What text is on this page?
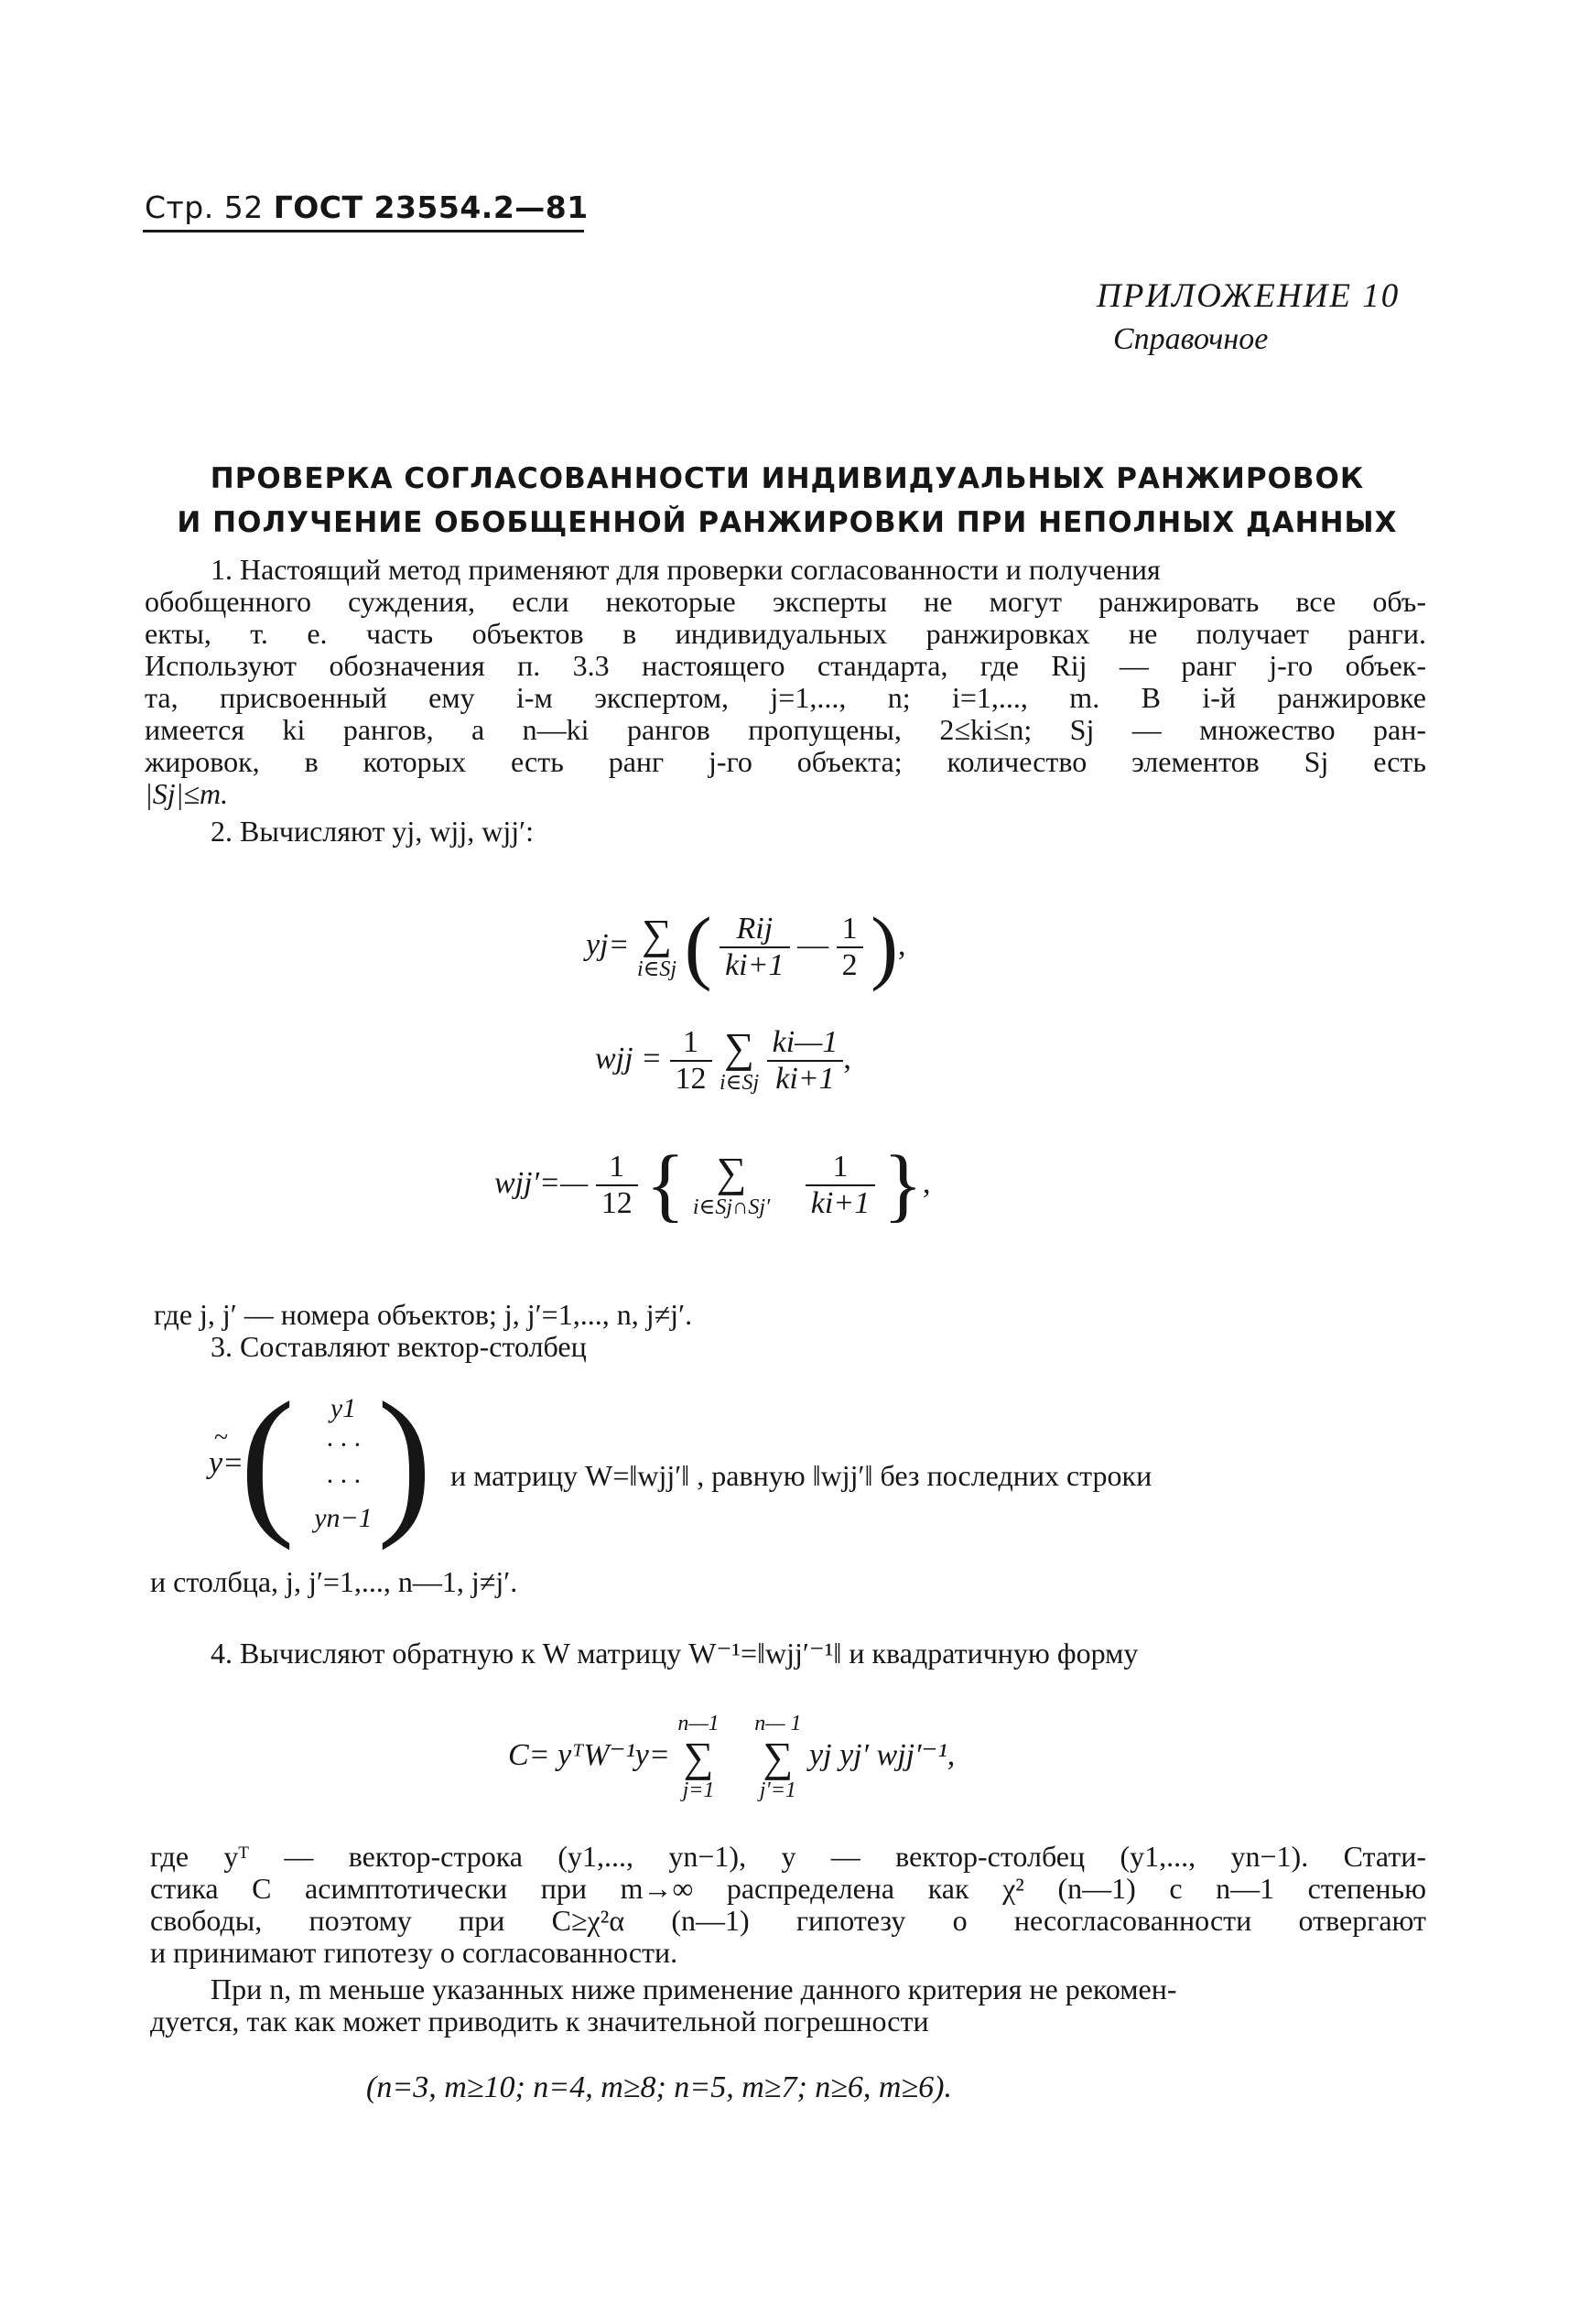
Стр. 52 ГОСТ 23554.2—81
ПРИЛОЖЕНИЕ 10
Справочное
ПРОВЕРКА СОГЛАСОВАННОСТИ ИНДИВИДУАЛЬНЫХ РАНЖИРОВОК
И ПОЛУЧЕНИЕ ОБОБЩЕННОЙ РАНЖИРОВКИ ПРИ НЕПОЛНЫХ ДАННЫХ
1. Настоящий метод применяют для проверки согласованности и получения
обобщенного суждения, если некоторые эксперты не могут ранжировать все объ-
екты, т. е. часть объектов в индивидуальных ранжировках не получает ранги.
Используют обозначения п. 3.3 настоящего стандарта, где Rij — ранг j-го объек-
та, присвоенный ему i-м экспертом, j=1,..., n; i=1,..., m. В i-й ранжировке
имеется ki рангов, а n—ki рангов пропущены, 2≤ki≤n; Sj — множество ран-
жировок, в которых есть ранг j-го объекта; количество элементов Sj есть
|Sj|≤m.
2. Вычисляют yj, wjj, wjj′:
yj= ∑
i∈Sj ( $\frac{\text{Rij}}{ki+1}$ — $\frac{1}{2}$ ),
wjj = $\frac{1}{12}$
∑
i∈Sj
$\frac{ki—1}{ki+1}$ ,
wjj′=— $\frac{1}{12}$ { ∑
i∈Sj∩Sj′
$\frac{1}{ki+1}$ },
где j, j′ — номера объектов; j, j′=1,..., n, j≠j′.
3. Составляют вектор-столбец
y=
~ ( )
y1
· · ·
· · ·
yn−1
и матрицу W=‖wjj′‖ , равную ‖wjj′‖ без последних строки
и столбца, j, j′=1,..., n—1, j≠j′.
4. Вычисляют обратную к W матрицу W⁻¹=‖wjj′⁻¹‖ и квадратичную форму
C= yᵀW⁻¹y=
n—1
∑
j=1

n— 1
∑
j′=1
yj yj′ wjj′⁻¹,
где yᵀ — вектор-строка (y1,..., yn−1), y — вектор-столбец (y1,..., yn−1). Стати-
стика C асимптотически при m→∞ распределена как χ² (n—1) с n—1 степенью
свободы, поэтому при C≥χ²α (n—1) гипотезу о несогласованности отвергают
и принимают гипотезу о согласованности.
При n, m меньше указанных ниже применение данного критерия не рекомен-
дуется, так как может приводить к значительной погрешности
(n=3, m≥10; n=4, m≥8; n=5, m≥7; n≥6, m≥6).
